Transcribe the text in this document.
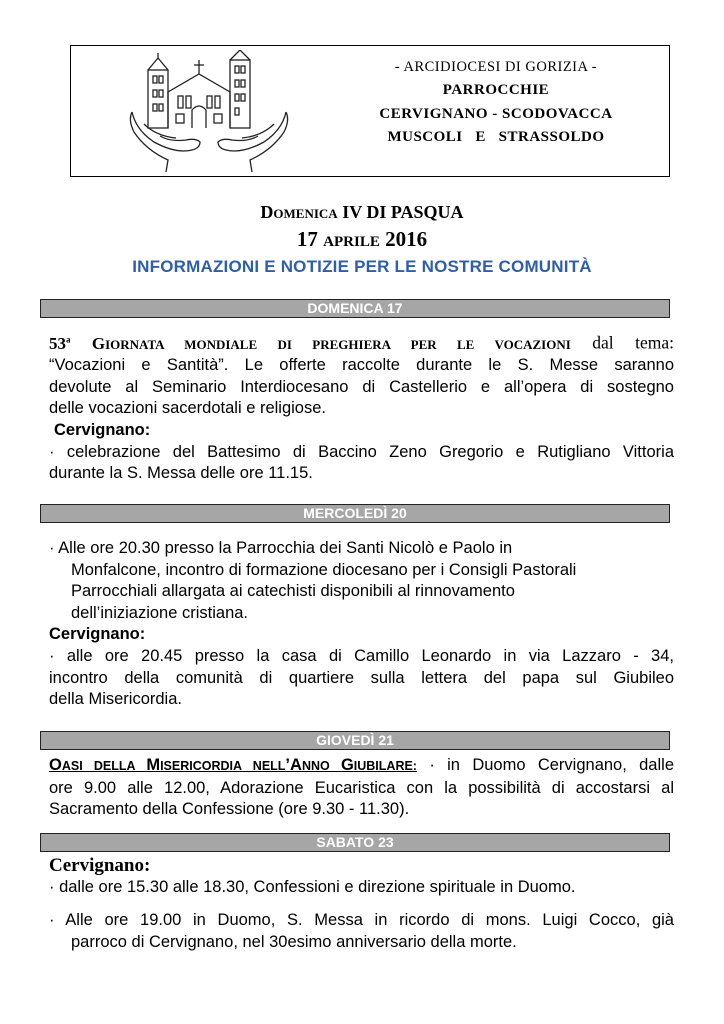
- ARCIDIOCESI DI GORIZIA -
PARROCCHIE
CERVIGNANO - SCODOVACCA
MUSCOLI   E   STRASSOLDO
DOMENICA IV DI PASQUA
17 APRILE 2016
INFORMAZIONI E NOTIZIE PER LE NOSTRE COMUNITÀ
DOMENICA 17
53$^a$ GIORNATA MONDIALE DI PREGHIERA PER LE VOCAZIONI dal tema:
“Vocazioni e Santità”. Le offerte raccolte durante le S. Messe saranno
devolute al Seminario Interdiocesano di Castellerio e all’opera di sostegno
delle vocazioni sacerdotali e religiose.
Cervignano:
· celebrazione del Battesimo di Baccino Zeno Gregorio e Rutigliano Vittoria
durante la S. Messa delle ore 11.15.
MERCOLEDÌ 20
· Alle ore 20.30 presso la Parrocchia dei Santi Nicolò e Paolo in
Monfalcone, incontro di formazione diocesano per i Consigli Pastorali
Parrocchiali allargata ai catechisti disponibili al rinnovamento
dell’iniziazione cristiana.
Cervignano:
· alle ore 20.45 presso la casa di Camillo Leonardo in via Lazzaro - 34,
incontro della comunità di quartiere sulla lettera del papa sul Giubileo
della Misericordia.
GIOVEDÌ 21
OASI DELLA MISERICORDIA NELL’ANNO GIUBILARE: · in Duomo Cervignano, dalle
ore 9.00 alle 12.00, Adorazione Eucaristica con la possibilità di accostarsi al
Sacramento della Confessione (ore 9.30 - 11.30).
SABATO 23
Cervignano:
· dalle ore 15.30 alle 18.30, Confessioni e direzione spirituale in Duomo.
· Alle ore 19.00 in Duomo, S. Messa in ricordo di mons. Luigi Cocco, già
parroco di Cervignano, nel 30esimo anniversario della morte.
